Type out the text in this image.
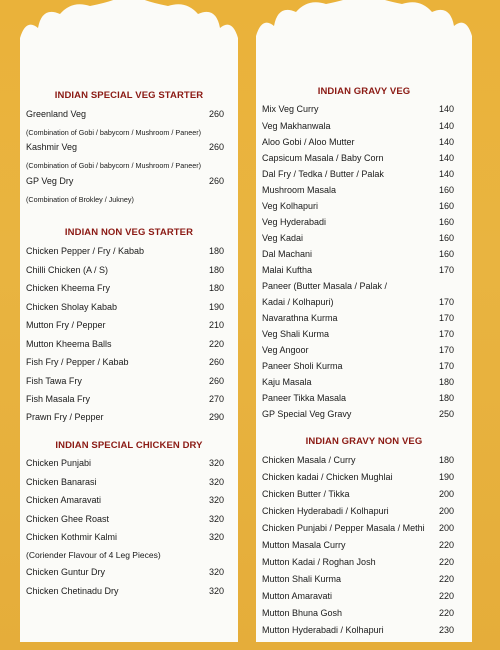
INDIAN SPECIAL VEG STARTER
Greenland Veg	260
(Combination of Gobi / babycorn / Mushroom / Paneer)
Kashmir Veg	260
(Combination of Gobi / babycorn / Mushroom / Paneer)
GP Veg Dry	260
(Combination of Brokley / Jukney)
INDIAN NON VEG STARTER
Chicken Pepper / Fry / Kabab	180
Chilli Chicken (A / S)	180
Chicken Kheema Fry	180
Chicken Sholay Kabab	190
Mutton Fry / Pepper	210
Mutton Kheema Balls	220
Fish Fry / Pepper / Kabab	260
Fish Tawa Fry	260
Fish Masala Fry	270
Prawn Fry / Pepper	290
INDIAN SPECIAL CHICKEN DRY
Chicken Punjabi	320
Chicken Banarasi	320
Chicken Amaravati	320
Chicken Ghee Roast	320
Chicken Kothmir Kalmi	320
(Coriender Flavour of 4 Leg Pieces)
Chicken Guntur Dry	320
Chicken Chetinadu Dry	320
INDIAN GRAVY VEG
Mix Veg Curry	140
Veg Makhanwala	140
Aloo Gobi / Aloo Mutter	140
Capsicum Masala / Baby Corn	140
Dal Fry / Tedka / Butter / Palak	140
Mushroom Masala	160
Veg Kolhapuri	160
Veg Hyderabadi	160
Veg Kadai	160
Dal Machani	160
Malai Kuftha	170
Paneer (Butter Masala / Palak /
Kadai / Kolhapuri)	170
Navarathna Kurma	170
Veg Shali Kurma	170
Veg Angoor	170
Paneer Sholi Kurma	170
Kaju Masala	180
Paneer Tikka Masala	180
GP Special Veg Gravy	250
INDIAN GRAVY NON VEG
Chicken Masala / Curry	180
Chicken kadai / Chicken Mughlai	190
Chicken Butter / Tikka	200
Chicken Hyderabadi / Kolhapuri	200
Chicken Punjabi / Pepper Masala / Methi	200
Mutton Masala Curry	220
Mutton Kadai / Roghan Josh	220
Mutton Shali Kurma	220
Mutton Amaravati	220
Mutton Bhuna Gosh	220
Mutton Hyderabadi / Kolhapuri	230
